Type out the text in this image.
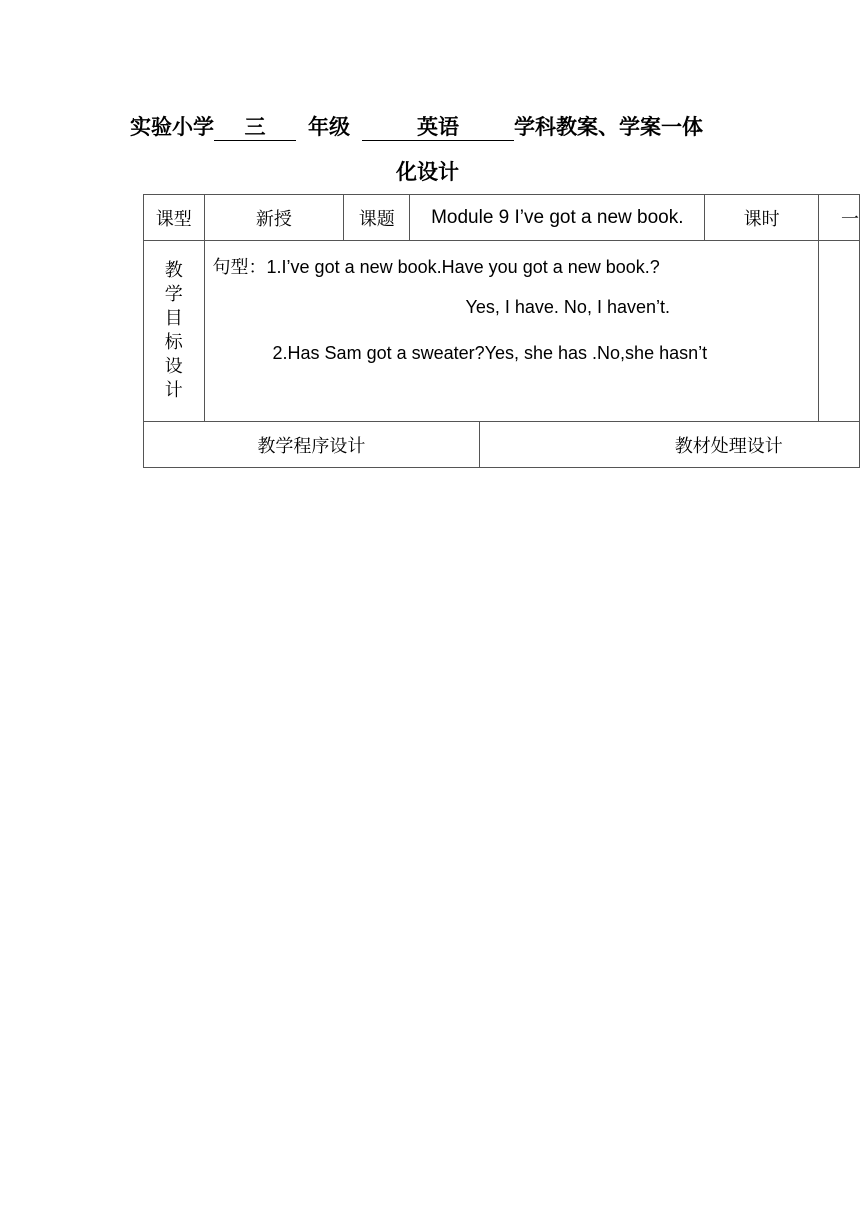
实验小学 三 年级	英语	学科教案、学案一体
化设计
课型	新授	课题	Module 9 I’ve got a new book.		课时	一
教学目标设计	句型：1.I’ve got a new book.Have you got a new book.?
Yes, I have. No, I haven’t.
2.Has Sam got a sweater?Yes, she has .No,she hasn’t					

教学程序设计				教材处理设计		
